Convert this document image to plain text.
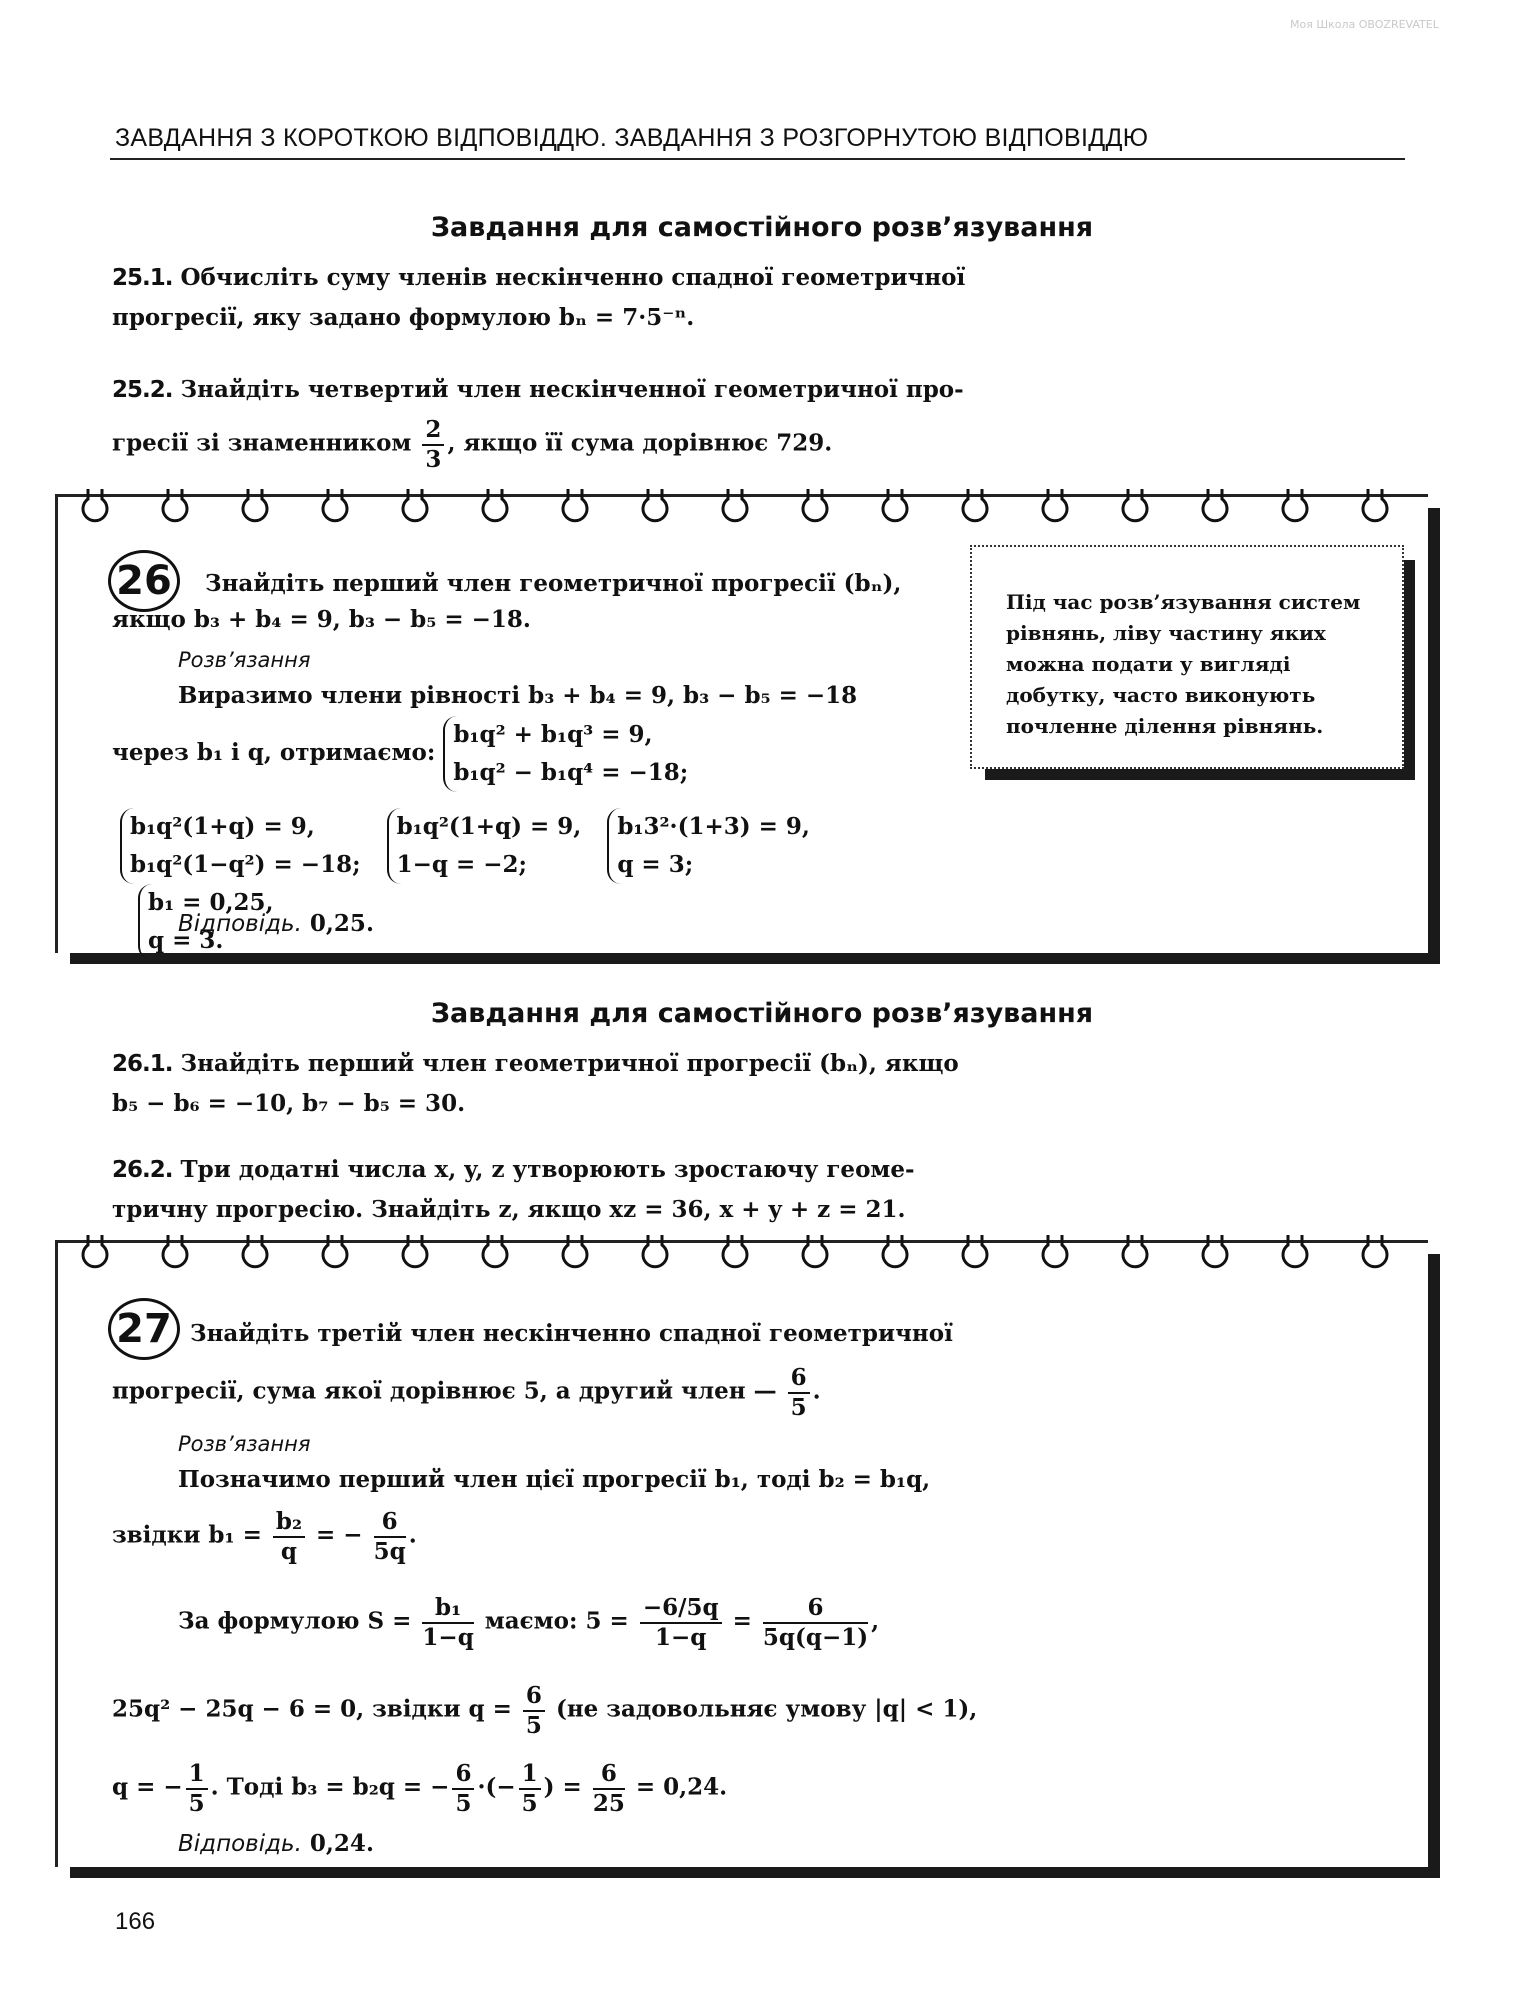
Моя Школа OBOZREVATEL
ЗАВДАННЯ З КОРОТКОЮ ВІДПОВІДДЮ. ЗАВДАННЯ З РОЗГОРНУТОЮ ВІДПОВІДДЮ
Завдання для самостійного розв’язування
25.1. Обчисліть суму членів нескінченно спадної геометричної
прогресії, яку задано формулою bₙ = 7·5⁻ⁿ.
25.2. Знайдіть четвертий член нескінченної геометричної про-
гресії зі знаменником $\frac{2}{3}$ , якщо її сума дорівнює 729.
26	Знайдіть перший член геометричної прогресії (bₙ),
якщо b₃ + b₄ = 9, b₃ − b₅ = −18.
Розв’язання
Виразимо члени рівності b₃ + b₄ = 9, b₃ − b₅ = −18
через b₁ і q, отримаємо:
b₁q² + b₁q³ = 9,
b₁q² − b₁q⁴ = −18;
b₁q²(1+q) = 9,
b₁q²(1−q²) = −18;

b₁q²(1+q) = 9,
1−q = −2;

b₁3²·(1+3) = 9,
q = 3;

b₁ = 0,25,
q = 3.
Відповідь. 0,25.
Під час розв’язування систем рівнянь, ліву частину яких можна подати у вигляді добутку, часто виконують почленне ділення рівнянь.
Завдання для самостійного розв’язування
26.1. Знайдіть перший член геометричної прогресії (bₙ), якщо
b₅ − b₆ = −10, b₇ − b₅ = 30.
26.2. Три додатні числа x, y, z утворюють зростаючу геоме-
тричну прогресію. Знайдіть z, якщо xz = 36, x + y + z = 21.
27 Знайдіть третій член нескінченно спадної геометричної
прогресії, сума якої дорівнює 5, а другий член — $\frac{6}{5}$ .
Розв’язання
Позначимо перший член цієї прогресії b₁, тоді b₂ = b₁q,
звідки $b_1 = \frac{\text{b₂}}{q}$ = − $\frac{6}{5q}$ .
За формулою $S = \frac{\text{b₁}}{1-q}$ маємо: $5 = \frac{-6/5q}{1-q} = \frac{6}{5q(q-1)}$ ,
25q² − 25q − 6 = 0, звідки $q = \frac{6}{5} (не$ задовольняє умову |q| < 1),
q = − $\frac{1}{5}$ . Тоді b₃ = b₂q = − $\frac{6}{5}$ ·(− $\frac{1}{5}$ ) = $\frac{6}{25} = 0,24$.
Відповідь. 0,24.
166
